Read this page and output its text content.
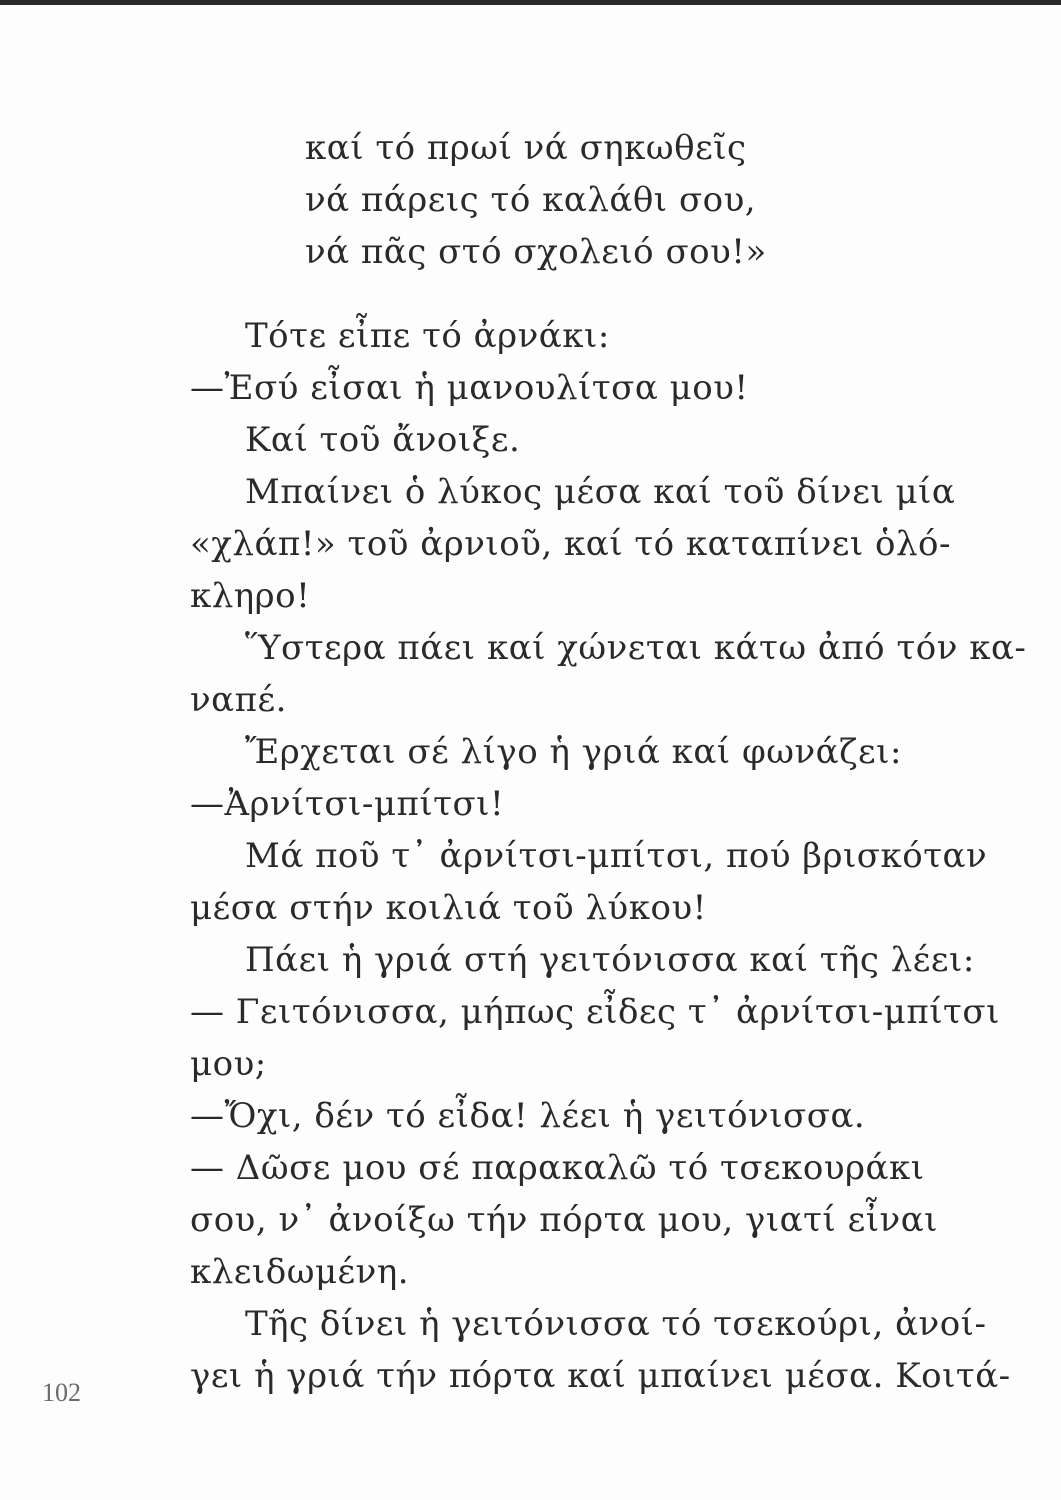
καί τό πρωί νά σηκωθεῖς
νά πάρεις τό καλάθι σου,
νά πᾶς στό σχολειό σου!»
Τότε εἶπε τό ἀρνάκι:
—Ἐσύ εἶσαι ἡ μανουλίτσα μου!
Καί τοῦ ἄνοιξε.
Μπαίνει ὁ λύκος μέσα καί τοῦ δίνει μία
«χλάπ!» τοῦ ἀρνιοῦ, καί τό καταπίνει ὁλό-
κληρο!
Ὕστερα πάει καί χώνεται κάτω ἀπό τόν κα-
ναπέ.
Ἔρχεται σέ λίγο ἡ γριά καί φωνάζει:
—Ἀρνίτσι-μπίτσι!
Μά ποῦ τ᾽ ἀρνίτσι-μπίτσι, πού βρισκόταν
μέσα στήν κοιλιά τοῦ λύκου!
Πάει ἡ γριά στή γειτόνισσα καί τῆς λέει:
— Γειτόνισσα, μήπως εἶδες τ᾽ ἀρνίτσι-μπίτσι
μου;
—Ὄχι, δέν τό εἶδα! λέει ἡ γειτόνισσα.
— Δῶσε μου σέ παρακαλῶ τό τσεκουράκι
σου, ν᾽ ἀνοίξω τήν πόρτα μου, γιατί εἶναι
κλειδωμένη.
Τῆς δίνει ἡ γειτόνισσα τό τσεκούρι, ἀνοί-
γει ἡ γριά τήν πόρτα καί μπαίνει μέσα. Κοιτά-
102
